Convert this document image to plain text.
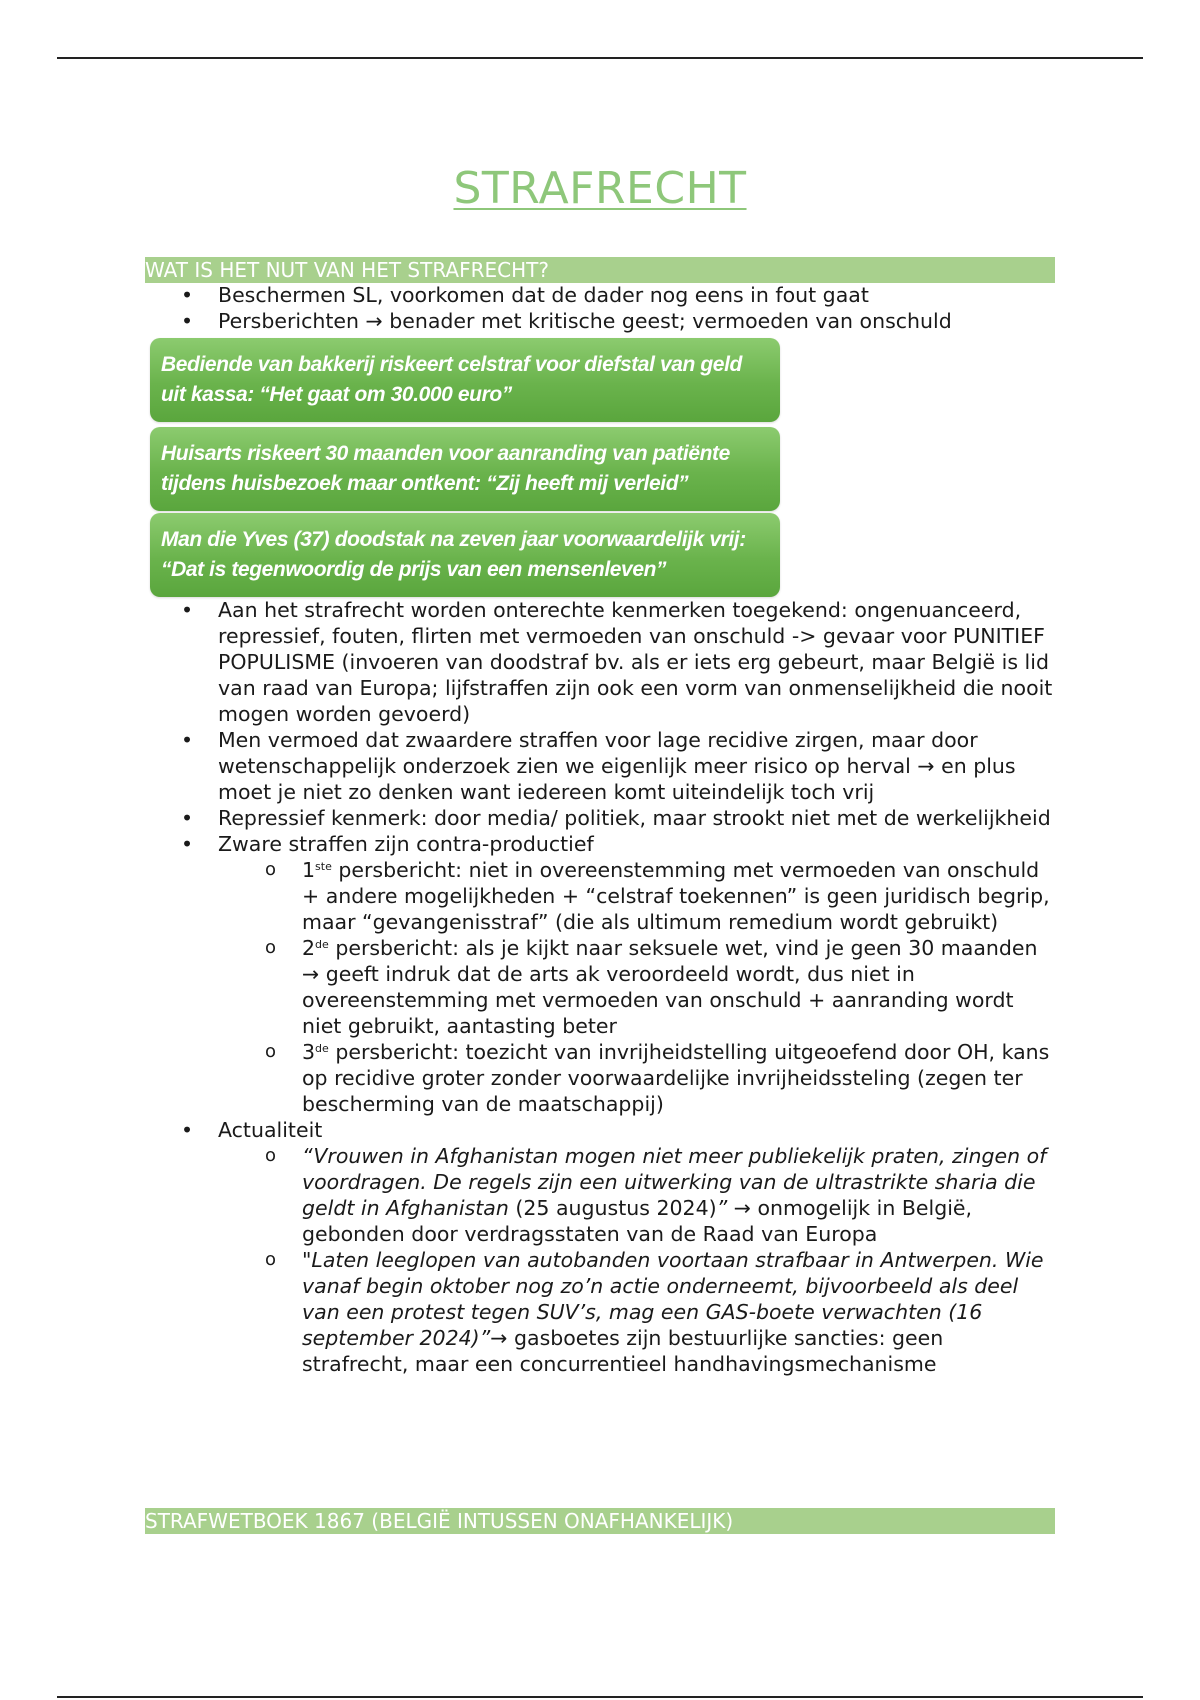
STRAFRECHT
WAT IS HET NUT VAN HET STRAFRECHT?
• Beschermen SL, voorkomen dat de dader nog eens in fout gaat
• Persberichten → benader met kritische geest; vermoeden van onschuld
Bediende van bakkerij riskeert celstraf voor diefstal van geld uit kassa: “Het gaat om 30.000 euro”
Huisarts riskeert 30 maanden voor aanranding van patiënte tijdens huisbezoek maar ontkent: “Zij heeft mij verleid”
Man die Yves (37) doodstak na zeven jaar voorwaardelijk vrij: “Dat is tegenwoordig de prijs van een mensenleven”
• Aan het strafrecht worden onterechte kenmerken toegekend: ongenuanceerd, repressief, fouten, flirten met vermoeden van onschuld -> gevaar voor PUNITIEF POPULISME (invoeren van doodstraf bv. als er iets erg gebeurt, maar België is lid van raad van Europa; lijfstraffen zijn ook een vorm van onmenselijkheid die nooit mogen worden gevoerd)
• Men vermoed dat zwaardere straffen voor lage recidive zirgen, maar door wetenschappelijk onderzoek zien we eigenlijk meer risico op herval → en plus moet je niet zo denken want iedereen komt uiteindelijk toch vrij
• Repressief kenmerk: door media/ politiek, maar strookt niet met de werkelijkheid
• Zware straffen zijn contra-productief
o 1ste persbericht: niet in overeenstemming met vermoeden van onschuld + andere mogelijkheden + “celstraf toekennen” is geen juridisch begrip, maar “gevangenisstraf” (die als ultimum remedium wordt gebruikt)
o 2de persbericht: als je kijkt naar seksuele wet, vind je geen 30 maanden → geeft indruk dat de arts ak veroordeeld wordt, dus niet in overeenstemming met vermoeden van onschuld + aanranding wordt niet gebruikt, aantasting beter
o 3de persbericht: toezicht van invrijheidstelling uitgeoefend door OH, kans op recidive groter zonder voorwaardelijke invrijheidssteling (zegen ter bescherming van de maatschappij)
• Actualiteit
o “Vrouwen in Afghanistan mogen niet meer publiekelijk praten, zingen of voordragen. De regels zijn een uitwerking van de ultrastrikte sharia die geldt in Afghanistan (25 augustus 2024)” → onmogelijk in België, gebonden door verdragsstaten van de Raad van Europa
o "Laten leeglopen van autobanden voortaan strafbaar in Antwerpen. Wie vanaf begin oktober nog zo’n actie onderneemt, bijvoorbeeld als deel van een protest tegen SUV’s, mag een GAS-boete verwachten (16 september 2024)”→ gasboetes zijn bestuurlijke sancties: geen strafrecht, maar een concurrentieel handhavingsmechanisme
STRAFWETBOEK 1867 (BELGIË INTUSSEN ONAFHANKELIJK)
